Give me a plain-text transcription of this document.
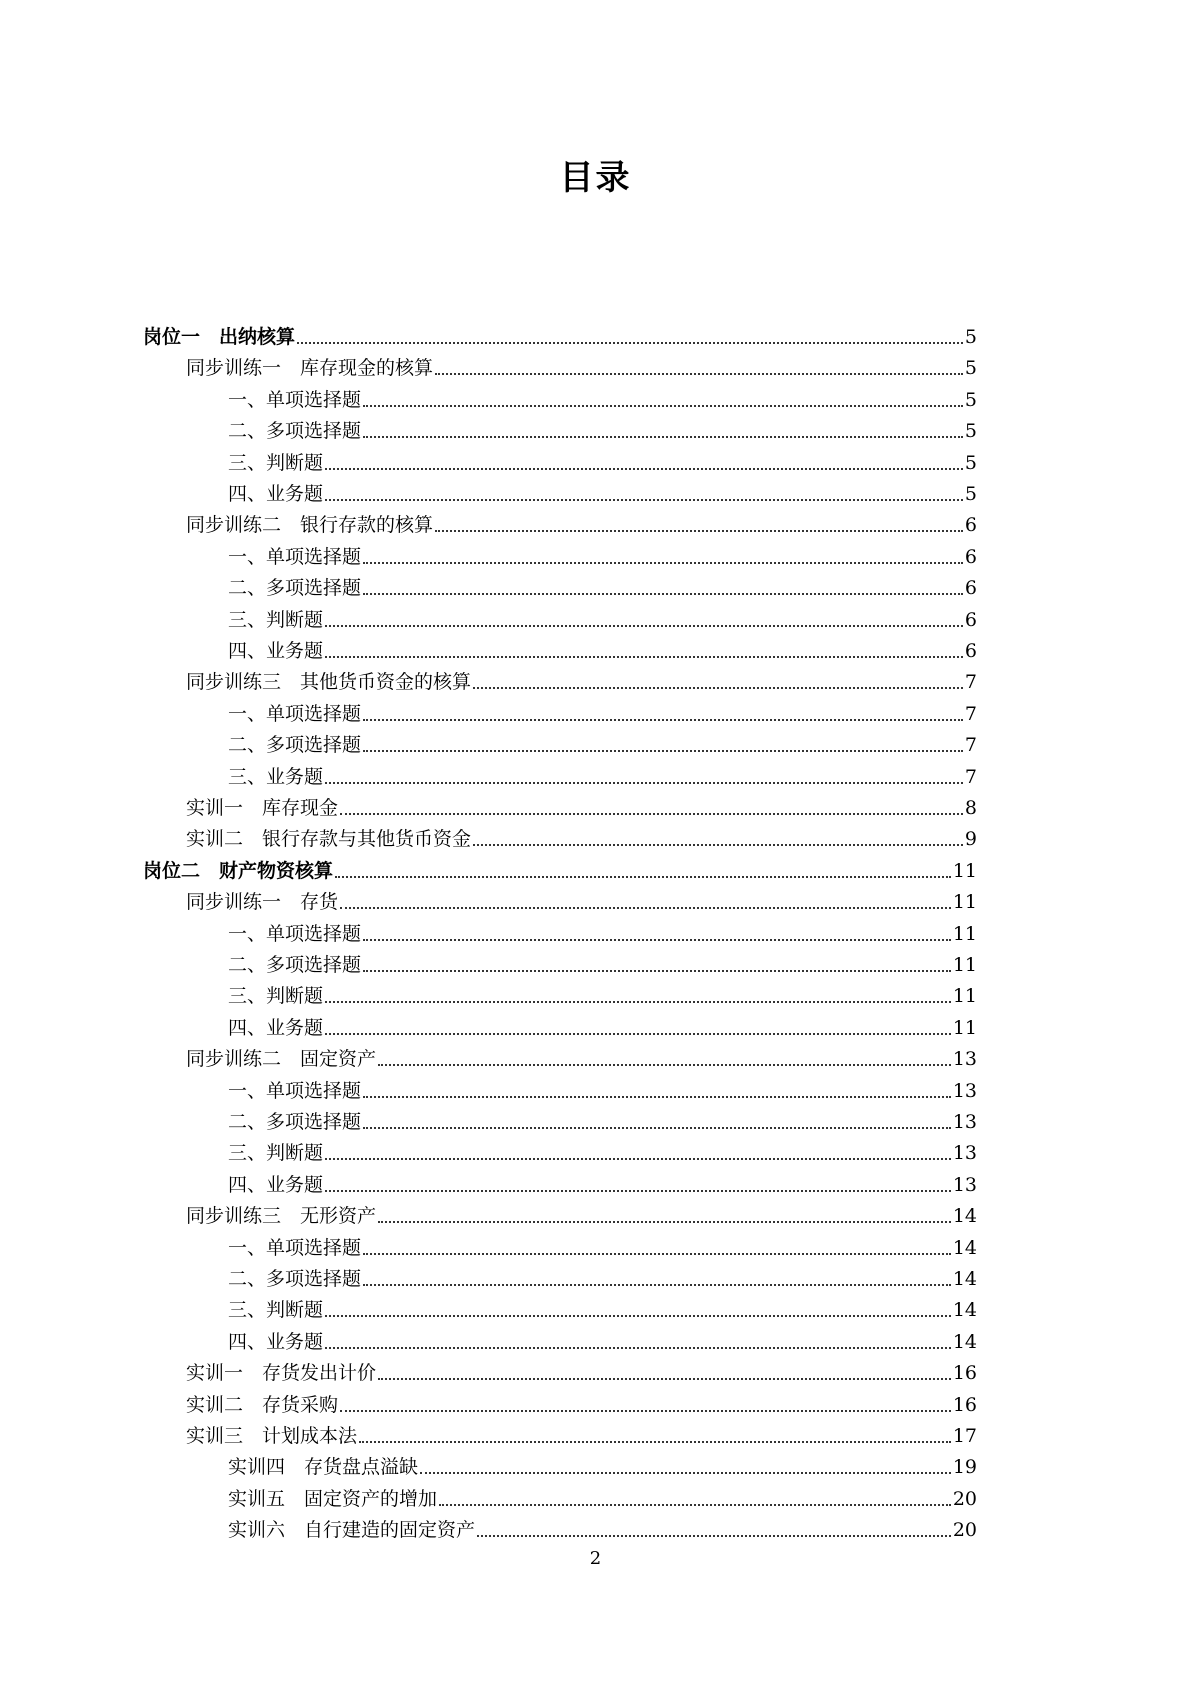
目录
岗位一　出纳核算	5
同步训练一　库存现金的核算	5
一、单项选择题	5
二、多项选择题	5
三、判断题	5
四、业务题	5
同步训练二　银行存款的核算	6
一、单项选择题	6
二、多项选择题	6
三、判断题	6
四、业务题	6
同步训练三　其他货币资金的核算	7
一、单项选择题	7
二、多项选择题	7
三、业务题	7
实训一　库存现金	8
实训二　银行存款与其他货币资金	9
岗位二　财产物资核算	11
同步训练一　存货	11
一、单项选择题	11
二、多项选择题	11
三、判断题	11
四、业务题	11
同步训练二　固定资产	13
一、单项选择题	13
二、多项选择题	13
三、判断题	13
四、业务题	13
同步训练三　无形资产	14
一、单项选择题	14
二、多项选择题	14
三、判断题	14
四、业务题	14
实训一　存货发出计价	16
实训二　存货采购	16
实训三　计划成本法	17
实训四　存货盘点溢缺	19
实训五　固定资产的增加	20
实训六　自行建造的固定资产	20
2
